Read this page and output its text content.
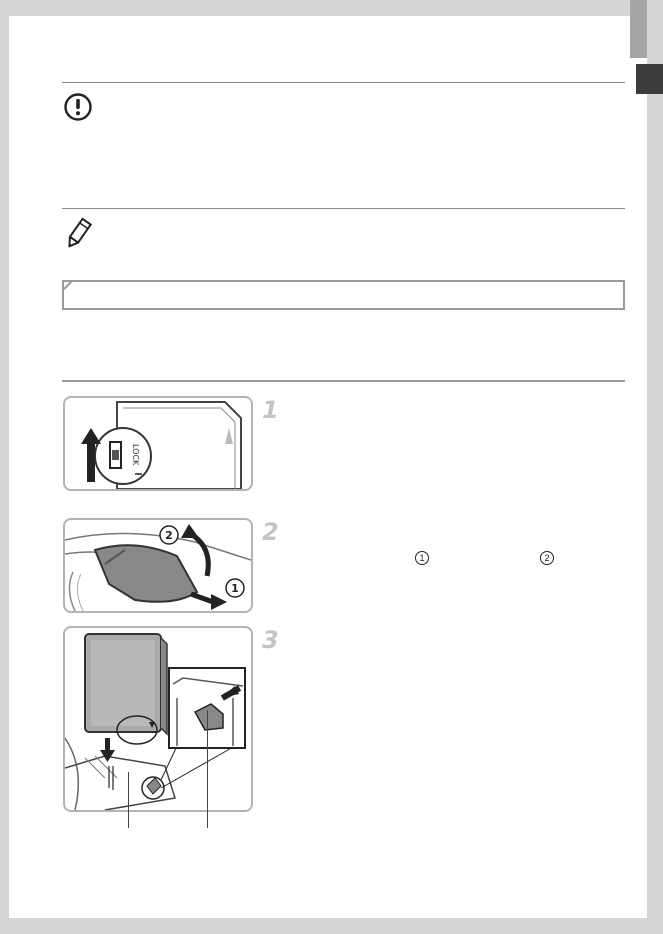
LOCK
1
2
1
2
1	2
3
